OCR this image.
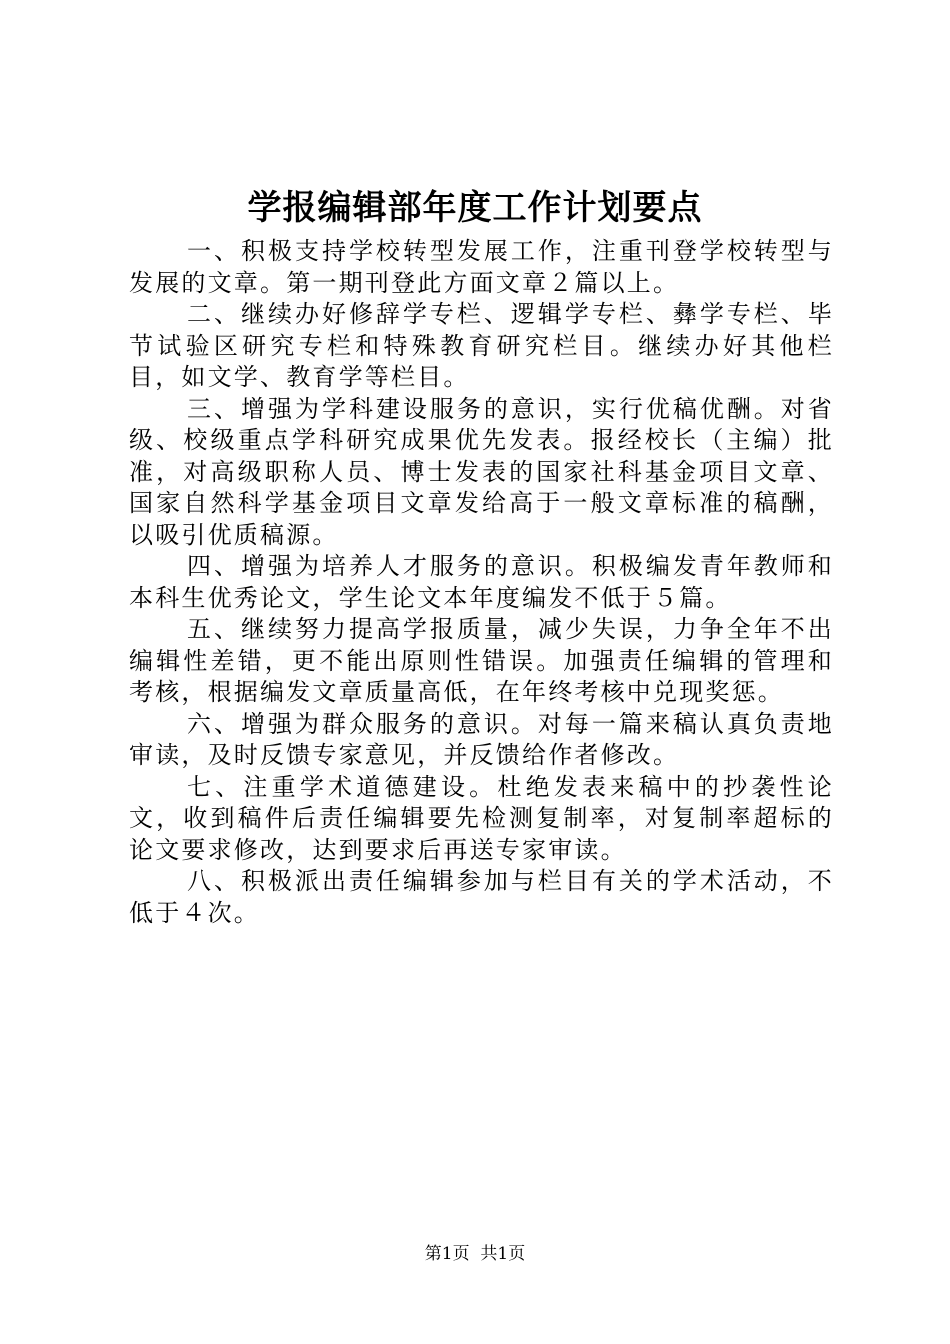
学报编辑部年度工作计划要点

一、积极支持学校转型发展工作，注重刊登学校转型与发展的文章。第一期刊登此方面文章２篇以上。

二、继续办好修辞学专栏、逻辑学专栏、彝学专栏、毕节试验区研究专栏和特殊教育研究栏目。继续办好其他栏目，如文学、教育学等栏目。

三、增强为学科建设服务的意识，实行优稿优酬。对省级、校级重点学科研究成果优先发表。报经校长（主编）批准，对高级职称人员、博士发表的国家社科基金项目文章、国家自然科学基金项目文章发给高于一般文章标准的稿酬，以吸引优质稿源。

四、增强为培养人才服务的意识。积极编发青年教师和本科生优秀论文，学生论文本年度编发不低于５篇。

五、继续努力提高学报质量，减少失误，力争全年不出编辑性差错，更不能出原则性错误。加强责任编辑的管理和考核，根据编发文章质量高低，在年终考核中兑现奖惩。

六、增强为群众服务的意识。对每一篇来稿认真负责地审读，及时反馈专家意见，并反馈给作者修改。

七、注重学术道德建设。杜绝发表来稿中的抄袭性论文，收到稿件后责任编辑要先检测复制率，对复制率超标的论文要求修改，达到要求后再送专家审读。

八、积极派出责任编辑参加与栏目有关的学术活动，不低于４次。

第1页 共1页
